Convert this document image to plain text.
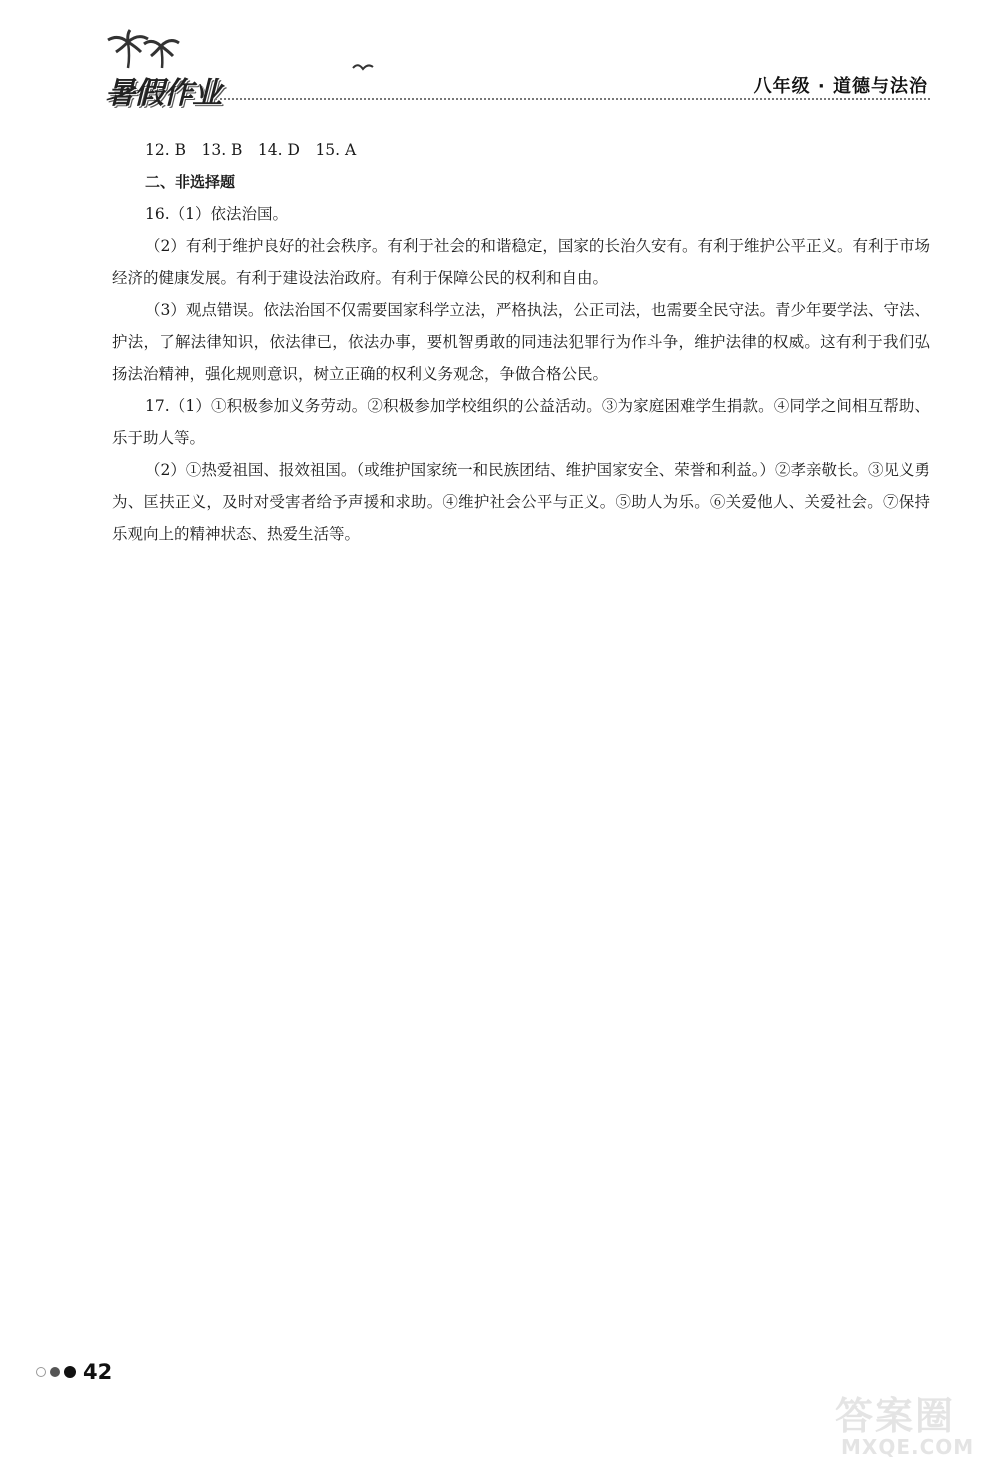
暑假作业	八年级 · 道德与法治

12. B　13. B　14. D　15. A

二、非选择题

16.（1）依法治国。

（2）有利于维护良好的社会秩序。有利于社会的和谐稳定，国家的长治久安有。有利于维护公平正义。有利于市场经济的健康发展。有利于建设法治政府。有利于保障公民的权利和自由。

（3）观点错误。依法治国不仅需要国家科学立法，严格执法，公正司法，也需要全民守法。青少年要学法、守法、护法，了解法律知识，依法律已，依法办事，要机智勇敢的同违法犯罪行为作斗争，维护法律的权威。这有利于我们弘扬法治精神，强化规则意识，树立正确的权利义务观念，争做合格公民。

17.（1）①积极参加义务劳动。②积极参加学校组织的公益活动。③为家庭困难学生捐款。④同学之间相互帮助、乐于助人等。

（2）①热爱祖国、报效祖国。（或维护国家统一和民族团结、维护国家安全、荣誉和利益。）②孝亲敬长。③见义勇为、匡扶正义，及时对受害者给予声援和求助。④维护社会公平与正义。⑤助人为乐。⑥关爱他人、关爱社会。⑦保持乐观向上的精神状态、热爱生活等。

42
答案圈
MXQE.COM
